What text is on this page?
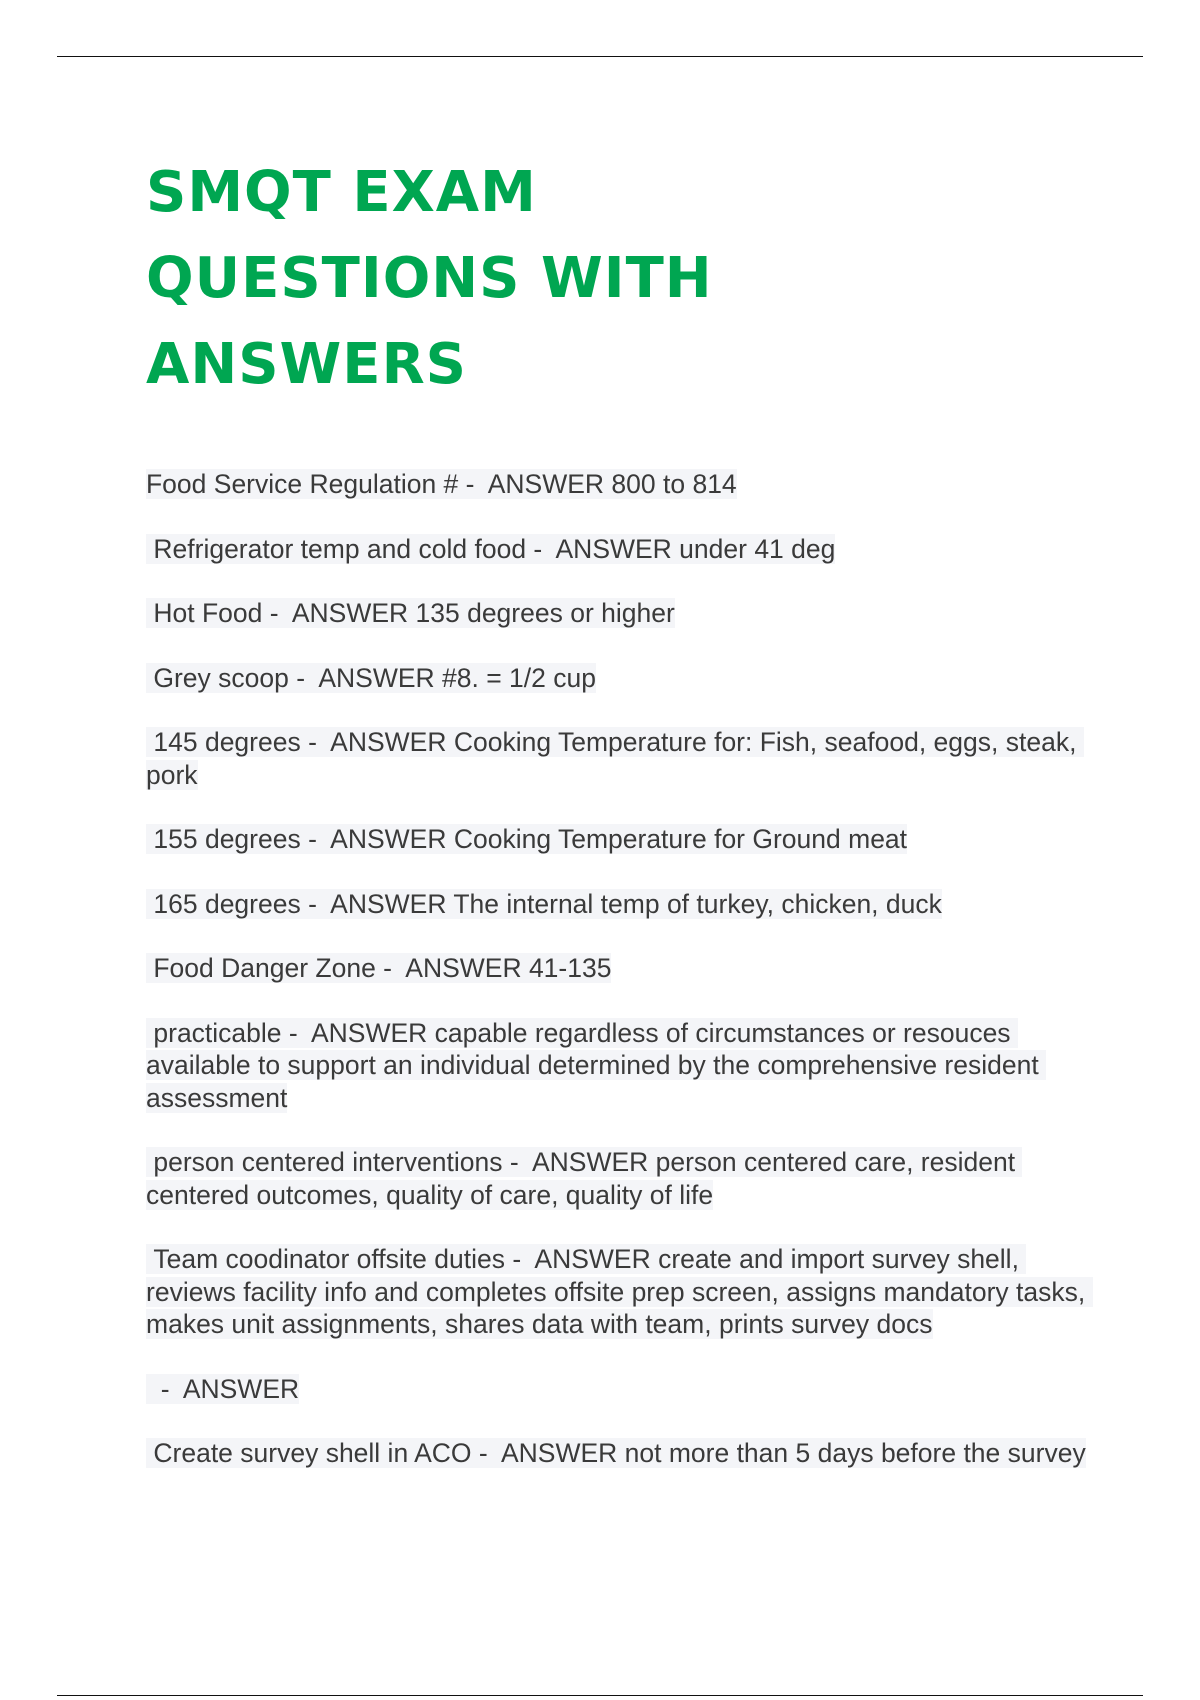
SMQT EXAM QUESTIONS WITH ANSWERS

Food Service Regulation # -  ANSWER 800 to 814

Refrigerator temp and cold food -  ANSWER under 41 deg

Hot Food -  ANSWER 135 degrees or higher

Grey scoop -  ANSWER #8. = 1/2 cup

145 degrees -  ANSWER Cooking Temperature for: Fish, seafood, eggs, steak, pork

155 degrees -  ANSWER Cooking Temperature for Ground meat

165 degrees -  ANSWER The internal temp of turkey, chicken, duck

Food Danger Zone -  ANSWER 41-135

practicable -  ANSWER capable regardless of circumstances or resouces available to support an individual determined by the comprehensive resident assessment

person centered interventions -  ANSWER person centered care, resident centered outcomes, quality of care, quality of life

Team coodinator offsite duties -  ANSWER create and import survey shell, reviews facility info and completes offsite prep screen, assigns mandatory tasks, makes unit assignments, shares data with team, prints survey docs

-  ANSWER

Create survey shell in ACO -  ANSWER not more than 5 days before the survey
